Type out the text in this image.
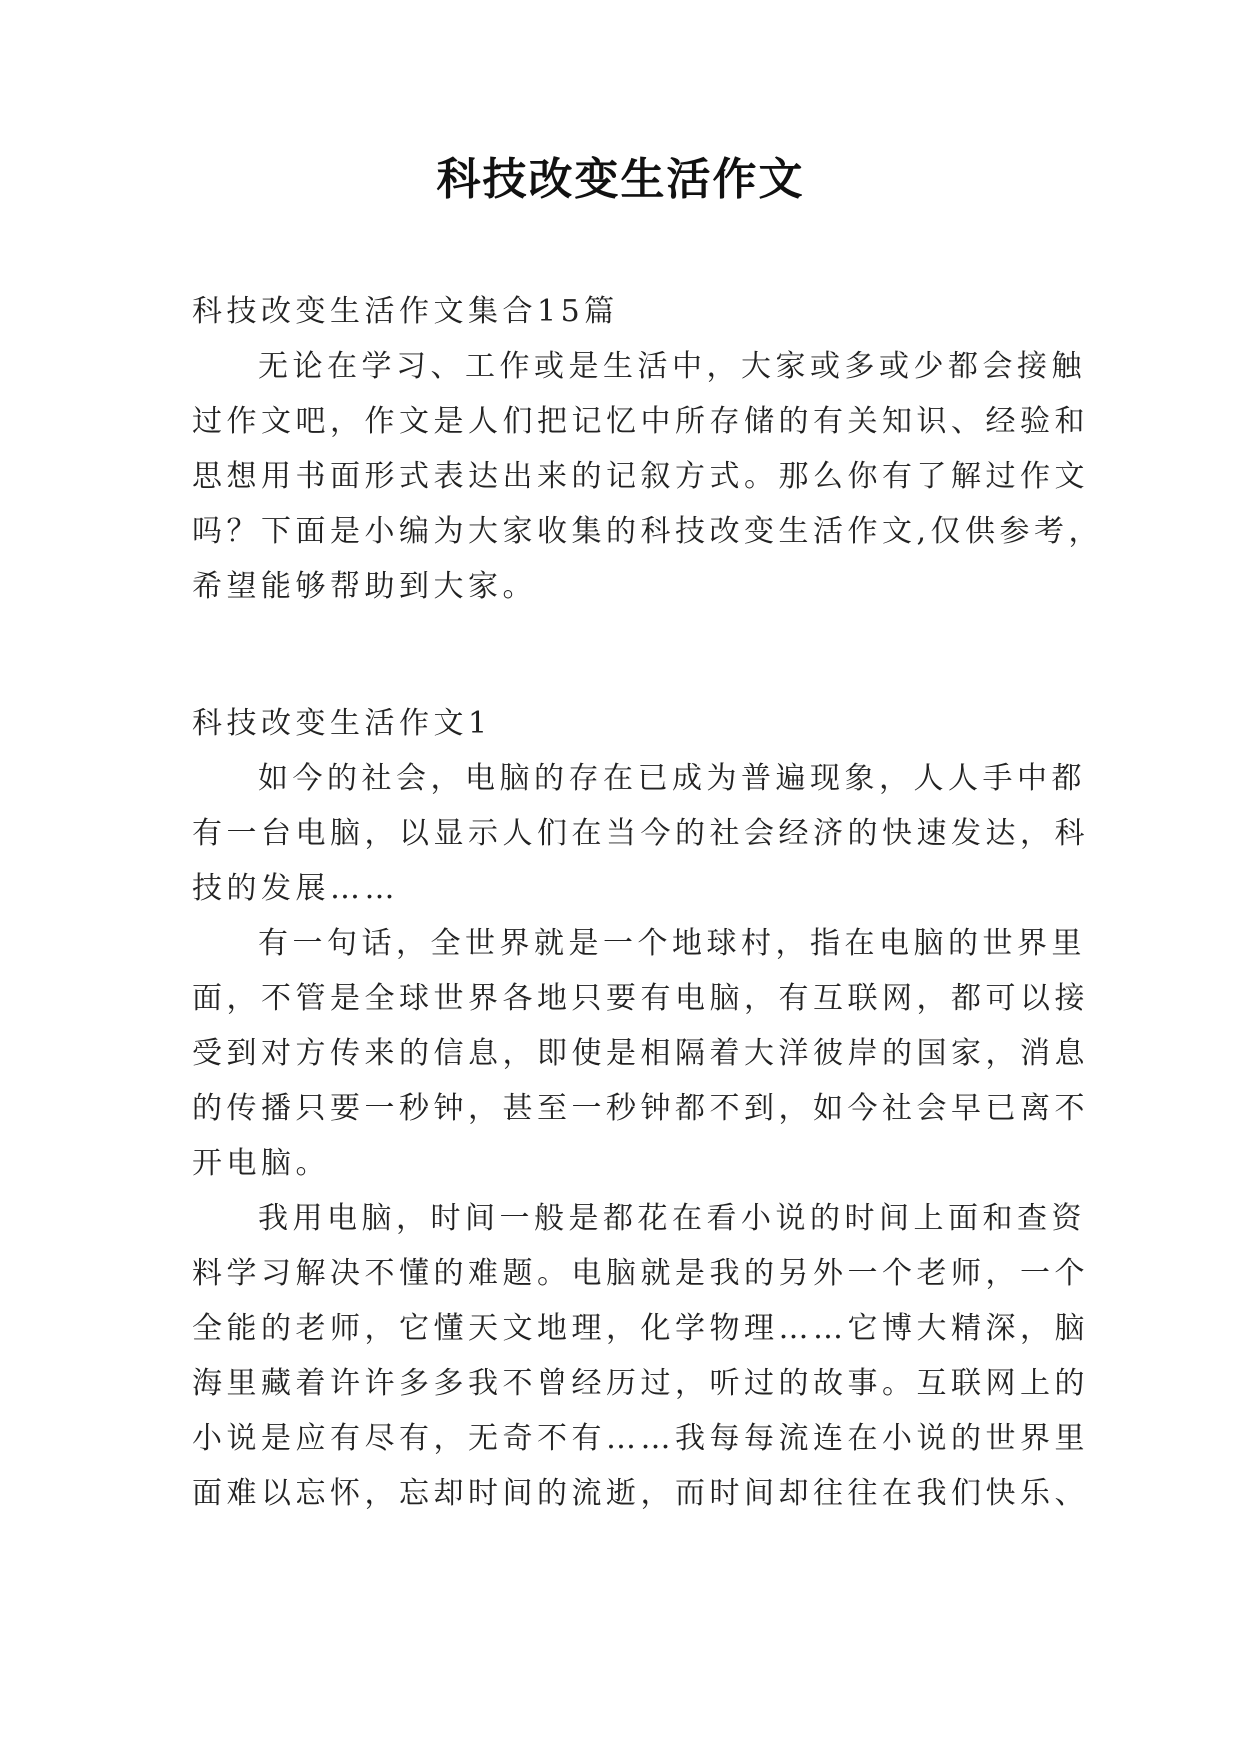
科技改变生活作文
科技改变生活作文集合15篇
无论在学习、工作或是生活中，大家或多或少都会接触
过作文吧，作文是人们把记忆中所存储的有关知识、经验和
思想用书面形式表达出来的记叙方式。那么你有了解过作文
吗？下面是小编为大家收集的科技改变生活作文,仅供参考，
希望能够帮助到大家。
科技改变生活作文1
如今的社会，电脑的存在已成为普遍现象，人人手中都
有一台电脑，以显示人们在当今的社会经济的快速发达，科
技的发展……
有一句话，全世界就是一个地球村，指在电脑的世界里
面，不管是全球世界各地只要有电脑，有互联网，都可以接
受到对方传来的信息，即使是相隔着大洋彼岸的国家，消息
的传播只要一秒钟，甚至一秒钟都不到，如今社会早已离不
开电脑。
我用电脑，时间一般是都花在看小说的时间上面和查资
料学习解决不懂的难题。电脑就是我的另外一个老师，一个
全能的老师，它懂天文地理，化学物理……它博大精深，脑
海里藏着许许多多我不曾经历过，听过的故事。互联网上的
小说是应有尽有，无奇不有……我每每流连在小说的世界里
面难以忘怀，忘却时间的流逝，而时间却往往在我们快乐、
